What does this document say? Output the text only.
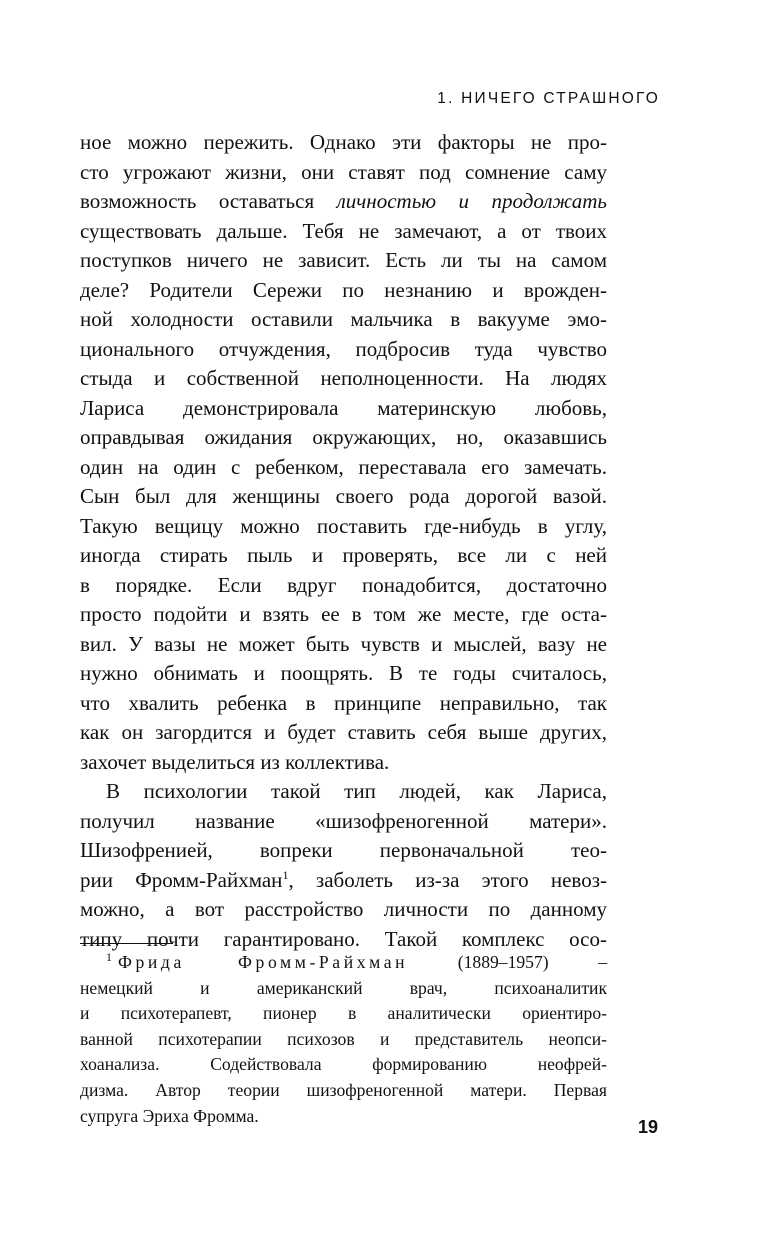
1. НИЧЕГО СТРАШНОГО
ное можно пережить. Однако эти факторы не про-
сто угрожают жизни, они ставят под сомнение саму
возможность оставаться личностью и продолжать
существовать дальше. Тебя не замечают, а от твоих
поступков ничего не зависит. Есть ли ты на самом
деле? Родители Сережи по незнанию и врожден-
ной холодности оставили мальчика в вакууме эмо-
ционального отчуждения, подбросив туда чувство
стыда и собственной неполноценности. На людях
Лариса демонстрировала материнскую любовь,
оправдывая ожидания окружающих, но, оказавшись
один на один с ребенком, переставала его замечать.
Сын был для женщины своего рода дорогой вазой.
Такую вещицу можно поставить где-нибудь в углу,
иногда стирать пыль и проверять, все ли с ней
в порядке. Если вдруг понадобится, достаточно
просто подойти и взять ее в том же месте, где оста-
вил. У вазы не может быть чувств и мыслей, вазу не
нужно обнимать и поощрять. В те годы считалось,
что хвалить ребенка в принципе неправильно, так
как он загордится и будет ставить себя выше других,
захочет выделиться из коллектива.
В психологии такой тип людей, как Лариса,
получил название «шизофреногенной матери».
Шизофренией, вопреки первоначальной тео-
рии Фромм-Райхман$^1$, заболеть из-за этого невоз-
можно, а вот расстройство личности по данному
типу почти гарантировано. Такой комплекс осо-
$^1$ Фрида Фромм-Райхман (1889–1957) –
немецкий и американский врач, психоаналитик
и психотерапевт, пионер в аналитически ориентиро-
ванной психотерапии психозов и представитель неопси-
хоанализа. Содействовала формированию неофрей-
дизма. Автор теории шизофреногенной матери. Первая
супруга Эриха Фромма.
19
